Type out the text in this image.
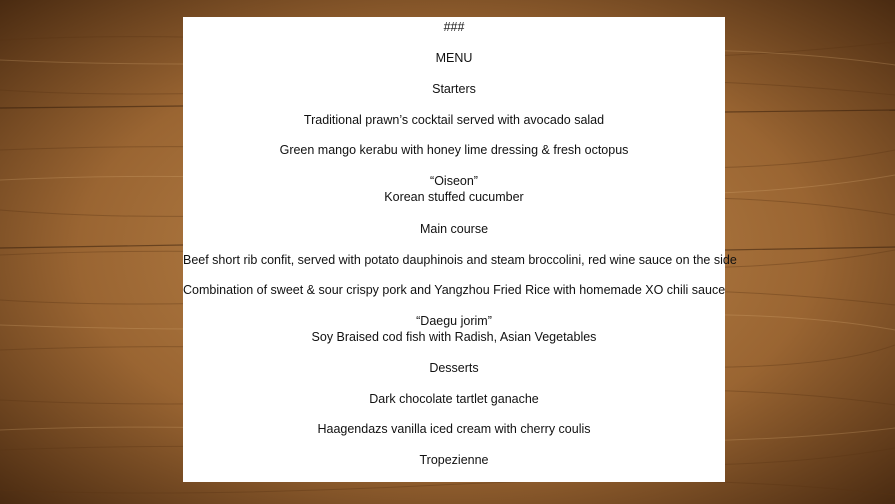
###
MENU
Starters
Traditional prawn’s cocktail served with avocado salad
Green mango kerabu with honey lime dressing & fresh octopus
“Oiseon”
Korean stuffed cucumber
Main course
Beef short rib confit, served with potato dauphinois and steam broccolini, red wine sauce on the side
Combination of sweet & sour crispy pork and Yangzhou Fried Rice with homemade XO chili sauce
“Daegu jorim”
Soy Braised cod fish with Radish, Asian Vegetables
Desserts
Dark chocolate tartlet ganache
Haagendazs vanilla iced cream with cherry coulis
Tropezienne
